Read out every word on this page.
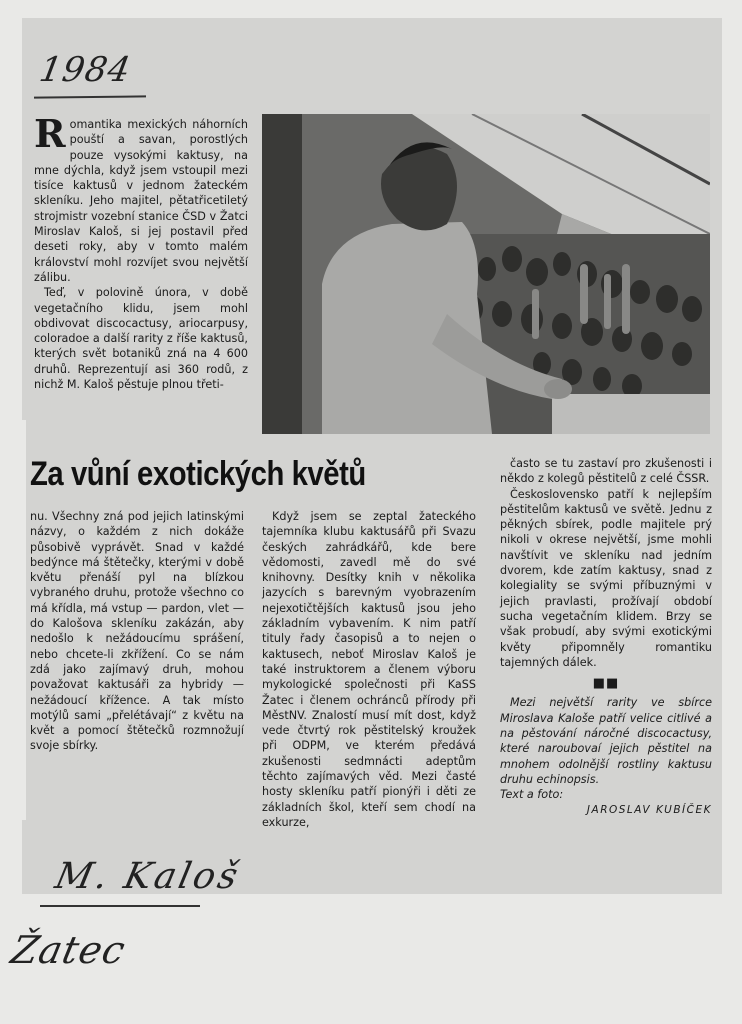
1984
R omantika mexických náhorních pouští a savan, porostlých pouze vysokými kaktusy, na mne dýchla, když jsem vstoupil mezi tisíce kaktusů v jednom žateckém skleníku. Jeho majitel, pětatřicetiletý strojmistr vozební stanice ČSD v Žatci Miroslav Kaloš, si jej postavil před deseti roky, aby v tomto malém království mohl rozvíjet svou největší zálibu.

Teď, v polovině února, v době vegetačního klidu, jsem mohl obdivovat discocactusy, ariocarpusy, coloradoe a další rarity z říše kaktusů, kterých svět botaniků zná na 4 600 druhů. Reprezentují asi 360 rodů, z nichž M. Kaloš pěstuje plnou třeti-

Za vůní exotických květů

nu. Všechny zná pod jejich latinskými názvy, o každém z nich dokáže působivě vyprávět. Snad v každé bedýnce má štětečky, kterými v době květu přenáší pyl na blízkou vybraného druhu, protože všechno co má křídla, má vstup — pardon, vlet — do Kalošova skleníku zakázán, aby nedošlo k nežádoucímu sprášení, nebo chcete-li zkřížení. Co se nám zdá jako zajímavý druh, mohou považovat kaktusáři za hybridy — nežádoucí křížence. A tak místo motýlů sami „přelétávají“ z květu na květ a pomocí štětečků rozmnožují svoje sbírky.

Když jsem se zeptal žateckého tajemníka klubu kaktusářů při Svazu českých zahrádkářů, kde bere vědomosti, zavedl mě do své knihovny. Desítky knih v několika jazycích s barevným vyobrazením nejexotičtějších kaktusů jsou jeho základním vybavením. K nim patří tituly řady časopisů a to nejen o kaktusech, neboť Miroslav Kaloš je také instruktorem a členem výboru mykologické společnosti při KaSS Žatec i členem ochránců přírody při MěstNV. Znalostí musí mít dost, když vede čtvrtý rok pěstitelský kroužek při ODPM, ve kterém předává zkušenosti sedmnácti adeptům těchto zajímavých věd. Mezi časté hosty skleníku patří pionýři i děti ze základních škol, kteří sem chodí na exkurze,

často se tu zastaví pro zkušenosti i někdo z kolegů pěstitelů z celé ČSSR.

Československo patří k nejlepším pěstitelům kaktusů ve světě. Jednu z pěkných sbírek, podle majitele prý nikoli v okrese největší, jsme mohli navštívit ve skleníku nad jedním dvorem, kde zatím kaktusy, snad z kolegiality se svými příbuznými v jejich pravlasti, prožívají období sucha vegetačním klidem. Brzy se však probudí, aby svými exotickými květy připomněly romantiku tajemných dálek.

■■

Mezi největší rarity ve sbírce Miroslava Kaloše patří velice citlivé a na pěstování náročné discocactusy, které naroubovaí jejich pěstitel na mnohem odolnější rostliny kaktusu druhu echinopsis.

Text a foto:

JAROSLAV KUBÍČEK
M. Kaloš
Žatec
